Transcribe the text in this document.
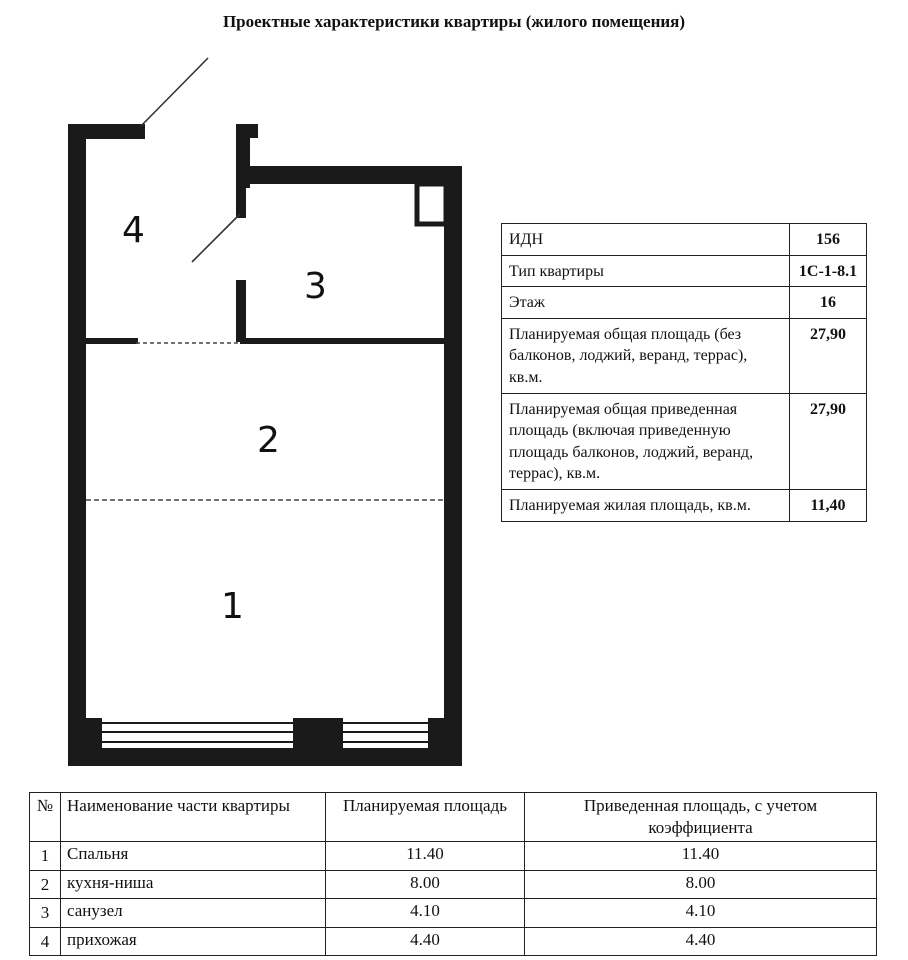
Проектные характеристики квартиры (жилого помещения)
4
3
2
1
ИДН	156
Тип квартиры	1С-1-8.1
Этаж	16
Планируемая общая площадь (без балконов, лоджий, веранд, террас), кв.м.	27,90
Планируемая общая приведенная площадь (включая приведенную площадь балконов, лоджий, веранд, террас), кв.м.	27,90
Планируемая жилая площадь, кв.м.	11,40
№	Наименование части квартиры	Планируемая площадь	Приведенная площадь, с учетом коэффициента
1	Спальня	11.40	11.40
2	кухня-ниша	8.00	8.00
3	санузел	4.10	4.10
4	прихожая	4.40	4.40
